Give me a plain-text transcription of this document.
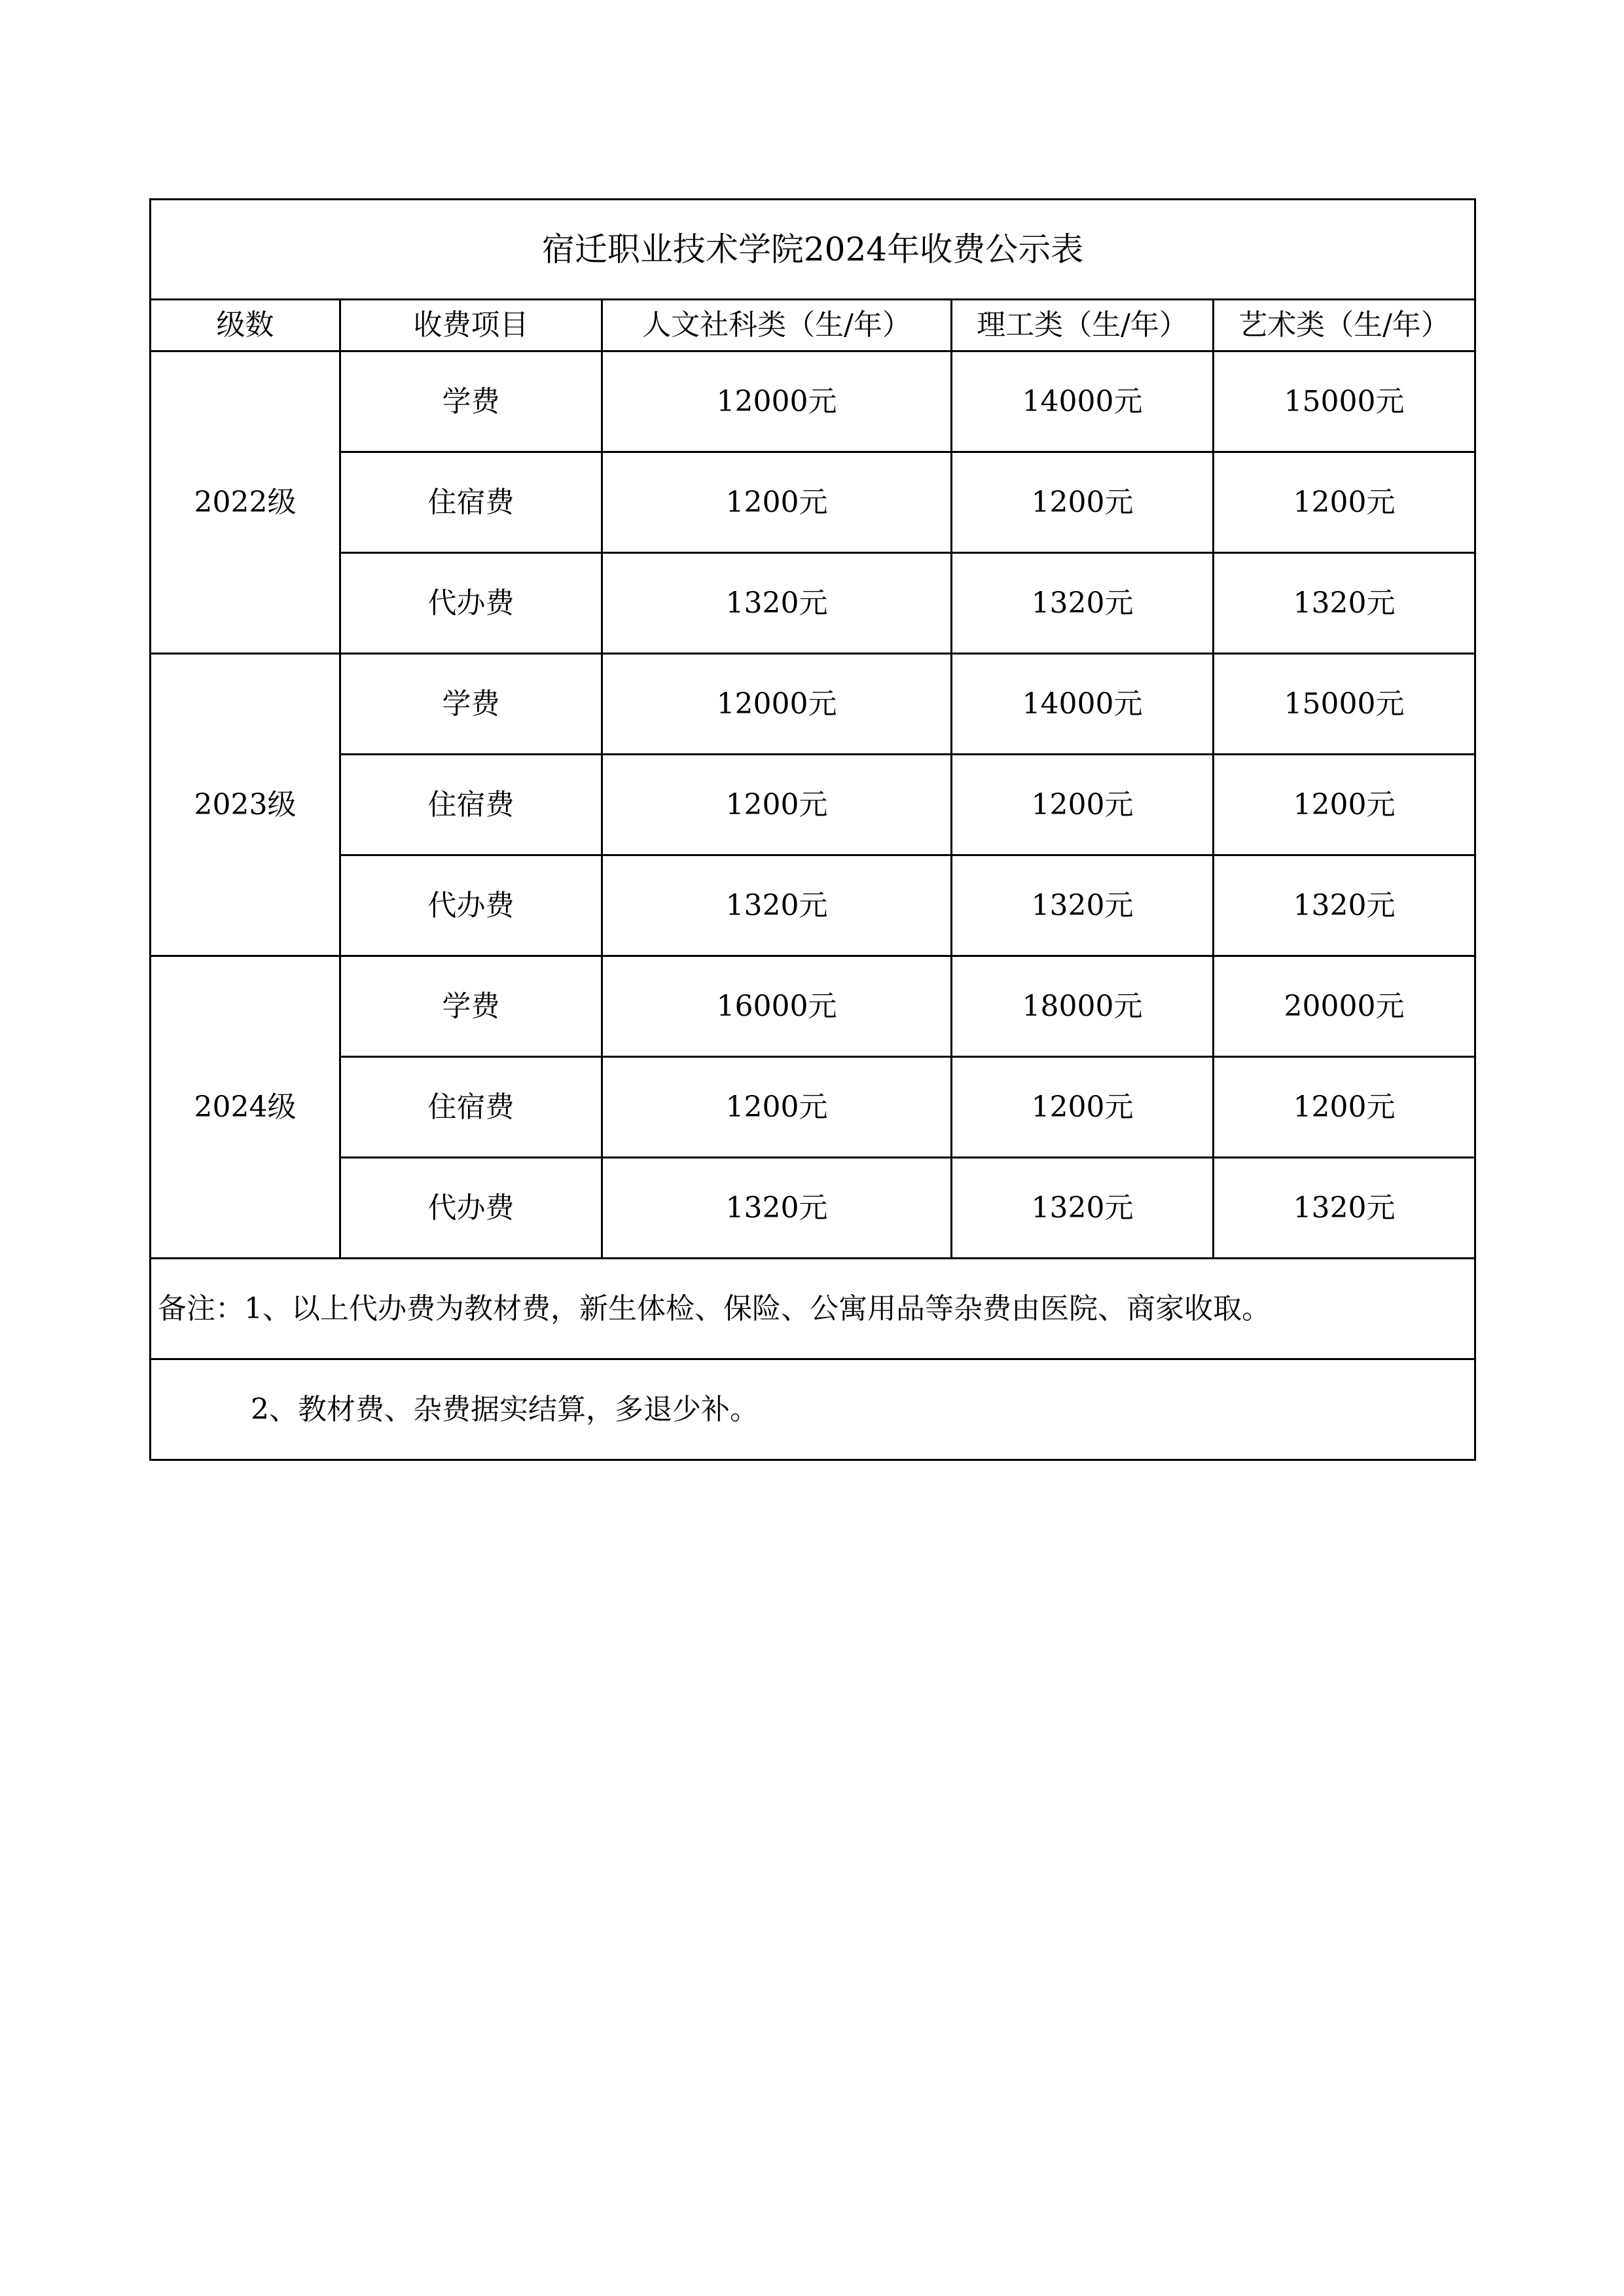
宿迁职业技术学院2024年收费公示表				
级数	收费项目	人文社科类（生/年）	理工类（生/年）	艺术类（生/年）
2022级	学费	12000元	14000元	15000元
	住宿费	1200元	1200元	1200元
	代办费	1320元	1320元	1320元
2023级	学费	12000元	14000元	15000元
	住宿费	1200元	1200元	1200元
	代办费	1320元	1320元	1320元
2024级	学费	16000元	18000元	20000元
	住宿费	1200元	1200元	1200元
	代办费	1320元	1320元	1320元
备注：1、以上代办费为教材费，新生体检、保险、公寓用品等杂费由医院、商家收取。				
2、教材费、杂费据实结算，多退少补。				
